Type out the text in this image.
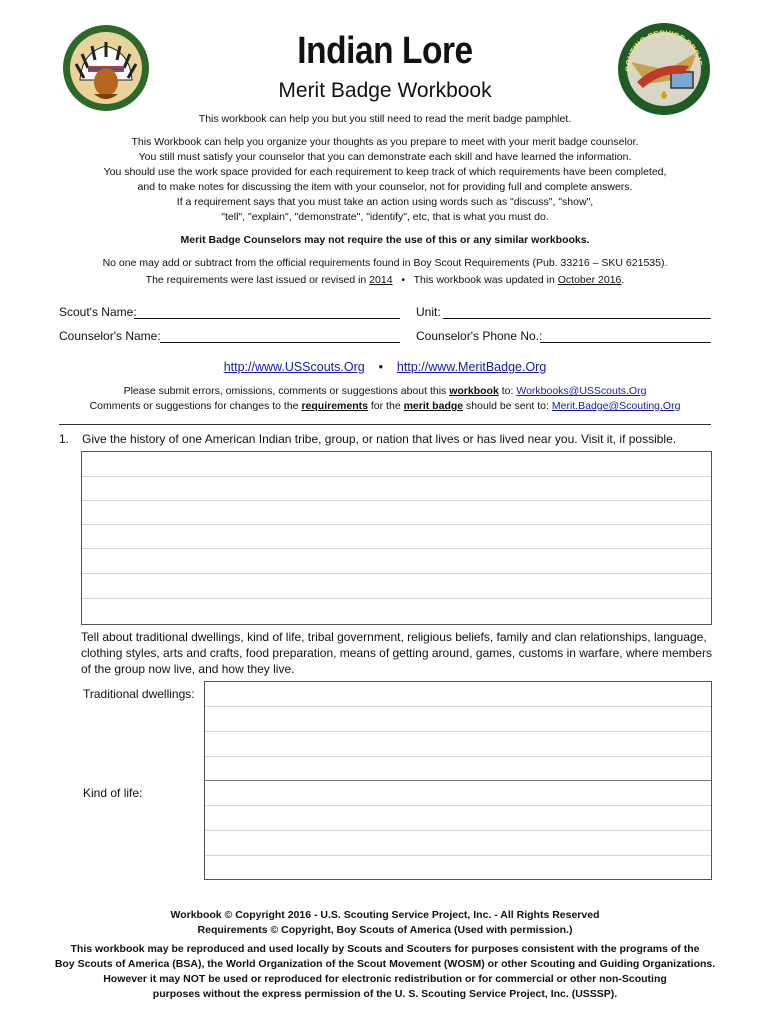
COUTING SERVICE PROJE
Indian Lore
Merit Badge Workbook
This workbook can help you but you still need to read the merit badge pamphlet.
This Workbook can help you organize your thoughts as you prepare to meet with your merit badge counselor.
You still must satisfy your counselor that you can demonstrate each skill and have learned the information.
You should use the work space provided for each requirement to keep track of which requirements have been completed,
and to make notes for discussing the item with your counselor, not for providing full and complete answers.
If a requirement says that you must take an action using words such as "discuss", "show",
"tell", "explain", "demonstrate", "identify", etc, that is what you must do.
Merit Badge Counselors may not require the use of this or any similar workbooks.
No one may add or subtract from the official requirements found in Boy Scout Requirements (Pub. 33216 – SKU 621535).
The requirements were last issued or revised in 2014 • This workbook was updated in October 2016.
Scout's Name:	Unit:
Counselor's Name:	Counselor's Phone No.:
http://www.USScouts.Org • http://www.MeritBadge.Org
Please submit errors, omissions, comments or suggestions about this workbook to: Workbooks@USScouts.Org
Comments or suggestions for changes to the requirements for the merit badge should be sent to: Merit.Badge@Scouting.Org
1. Give the history of one American Indian tribe, group, or nation that lives or has lived near you. Visit it, if possible.
Tell about traditional dwellings, kind of life, tribal government, religious beliefs, family and clan relationships, language, clothing styles, arts and crafts, food preparation, means of getting around, games, customs in warfare, where members of the group now live, and how they live.
Traditional dwellings:
Kind of life:
Workbook © Copyright 2016 - U.S. Scouting Service Project, Inc. - All Rights Reserved
Requirements © Copyright, Boy Scouts of America (Used with permission.)
This workbook may be reproduced and used locally by Scouts and Scouters for purposes consistent with the programs of the
Boy Scouts of America (BSA), the World Organization of the Scout Movement (WOSM) or other Scouting and Guiding Organizations.
However it may NOT be used or reproduced for electronic redistribution or for commercial or other non-Scouting
purposes without the express permission of the U. S. Scouting Service Project, Inc. (USSSP).
